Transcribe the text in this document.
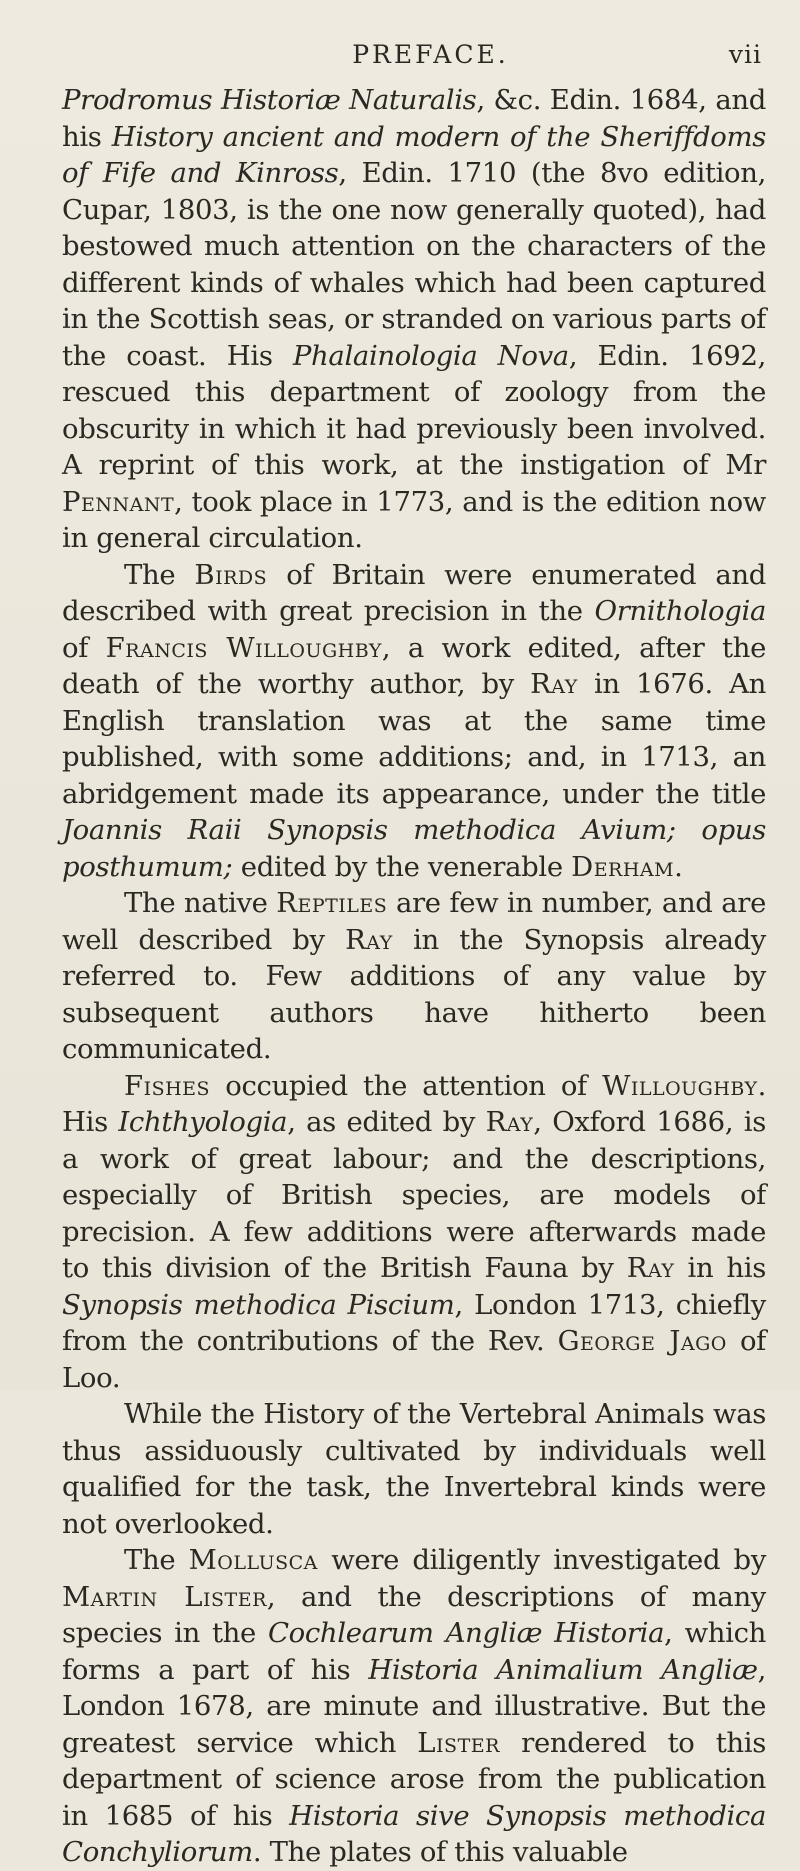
PREFACE.	vii

Prodromus Historiæ Naturalis, &c. Edin. 1684, and his History ancient and modern of the Sheriffdoms of Fife and Kinross, Edin. 1710 (the 8vo edition, Cupar, 1803, is the one now generally quoted), had bestowed much attention on the characters of the different kinds of whales which had been captured in the Scottish seas, or stranded on various parts of the coast. His Phalainologia Nova, Edin. 1692, rescued this department of zoology from the obscurity in which it had previously been involved. A reprint of this work, at the instigation of Mr Pennant, took place in 1773, and is the edition now in general circulation.

The Birds of Britain were enumerated and described with great precision in the Ornithologia of Francis Willoughby, a work edited, after the death of the worthy author, by Ray in 1676. An English translation was at the same time published, with some additions; and, in 1713, an abridgement made its appearance, under the title Joannis Raii Synopsis methodica Avium; opus posthumum; edited by the venerable Derham.

The native Reptiles are few in number, and are well described by Ray in the Synopsis already referred to. Few additions of any value by subsequent authors have hitherto been communicated.

Fishes occupied the attention of Willoughby. His Ichthyologia, as edited by Ray, Oxford 1686, is a work of great labour; and the descriptions, especially of British species, are models of precision. A few additions were afterwards made to this division of the British Fauna by Ray in his Synopsis methodica Piscium, London 1713, chiefly from the contributions of the Rev. George Jago of Loo.

While the History of the Vertebral Animals was thus assiduously cultivated by individuals well qualified for the task, the Invertebral kinds were not overlooked.

The Mollusca were diligently investigated by Martin Lister, and the descriptions of many species in the Cochlearum Angliæ Historia, which forms a part of his Historia Animalium Angliæ, London 1678, are minute and illustrative. But the greatest service which Lister rendered to this department of science arose from the publication in 1685 of his Historia sive Synopsis methodica Conchyliorum. The plates of this valuable
